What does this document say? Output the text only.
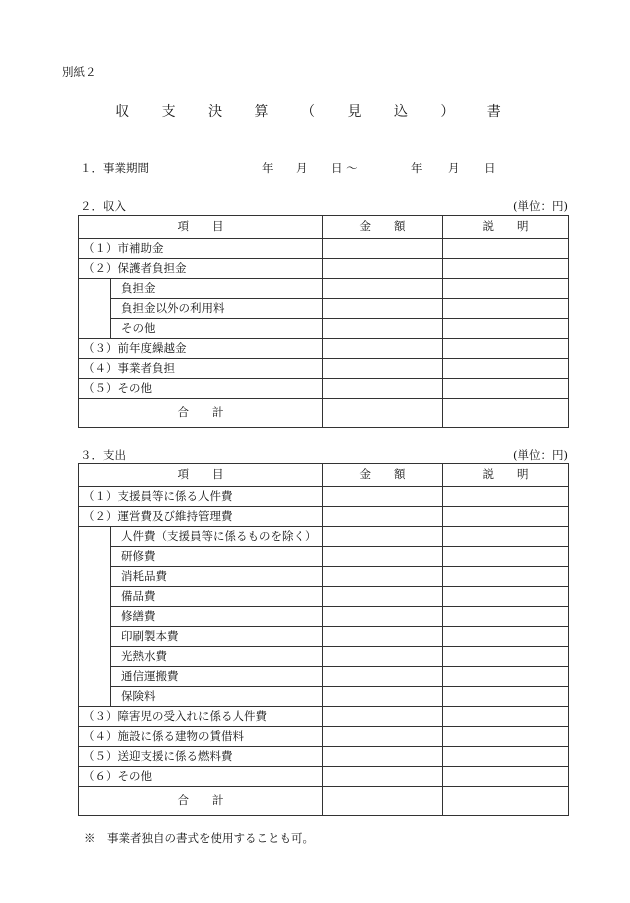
別紙２
収 支 決 算 （ 見 込 ） 書
１．事業期間	年 月 日 〜	年 月 日
２．収入	(単位：円)
項　　目		金　　額	説　　明
（１）市補助金			
（２）保護者負担金			
	負担金		
	負担金以外の利用料		
	その他		
（３）前年度繰越金			
（４）事業者負担			
（５）その他			
合　　計			
３．支出	(単位：円)
項　　目		金　　額	説　　明
（１）支援員等に係る人件費			
（２）運営費及び維持管理費			
	人件費（支援員等に係るものを除く）		
	研修費		
	消耗品費		
	備品費		
	修繕費		
	印刷製本費		
	光熱水費		
	通信運搬費		
	保険料		
（３）障害児の受入れに係る人件費			
（４）施設に係る建物の賃借料			
（５）送迎支援に係る燃料費			
（６）その他			
合　　計			
※　事業者独自の書式を使用することも可。
